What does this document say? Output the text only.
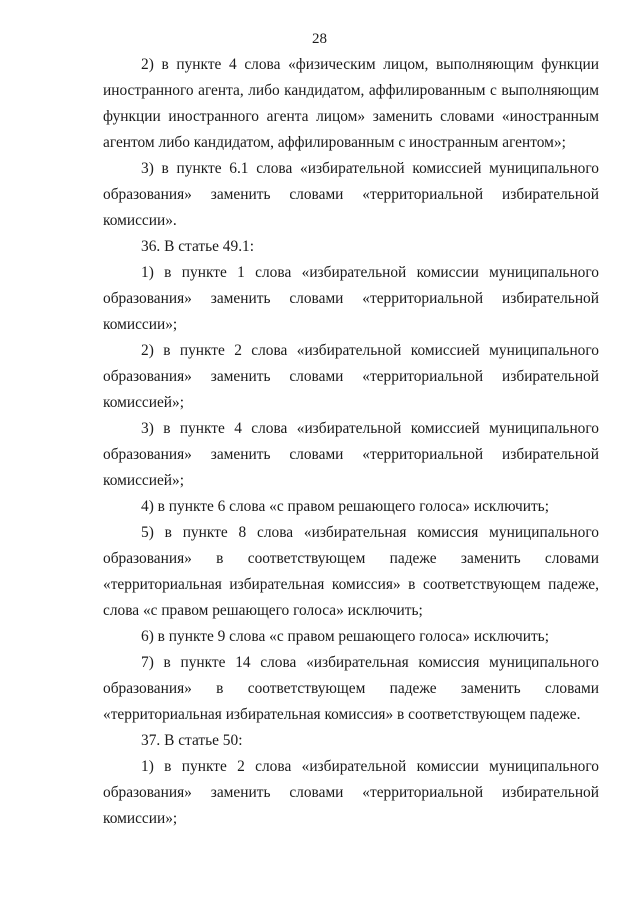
28
2) в пункте 4 слова «физическим лицом, выполняющим функции
иностранного агента, либо кандидатом, аффилированным с выполняющим
функции иностранного агента лицом» заменить словами «иностранным
агентом либо кандидатом, аффилированным с иностранным агентом»;
3) в пункте 6.1 слова «избирательной комиссией муниципального
образования» заменить словами «территориальной избирательной
комиссии».
36. В статье 49.1:
1) в пункте 1 слова «избирательной комиссии муниципального
образования» заменить словами «территориальной избирательной
комиссии»;
2) в пункте 2 слова «избирательной комиссией муниципального
образования» заменить словами «территориальной избирательной
комиссией»;
3) в пункте 4 слова «избирательной комиссией муниципального
образования» заменить словами «территориальной избирательной
комиссией»;
4) в пункте 6 слова «с правом решающего голоса» исключить;
5) в пункте 8 слова «избирательная комиссия муниципального
образования» в соответствующем падеже заменить словами
«территориальная избирательная комиссия» в соответствующем падеже,
слова «с правом решающего голоса» исключить;
6) в пункте 9 слова «с правом решающего голоса» исключить;
7) в пункте 14 слова «избирательная комиссия муниципального
образования» в соответствующем падеже заменить словами
«территориальная избирательная комиссия» в соответствующем падеже.
37. В статье 50:
1) в пункте 2 слова «избирательной комиссии муниципального
образования» заменить словами «территориальной избирательной
комиссии»;
